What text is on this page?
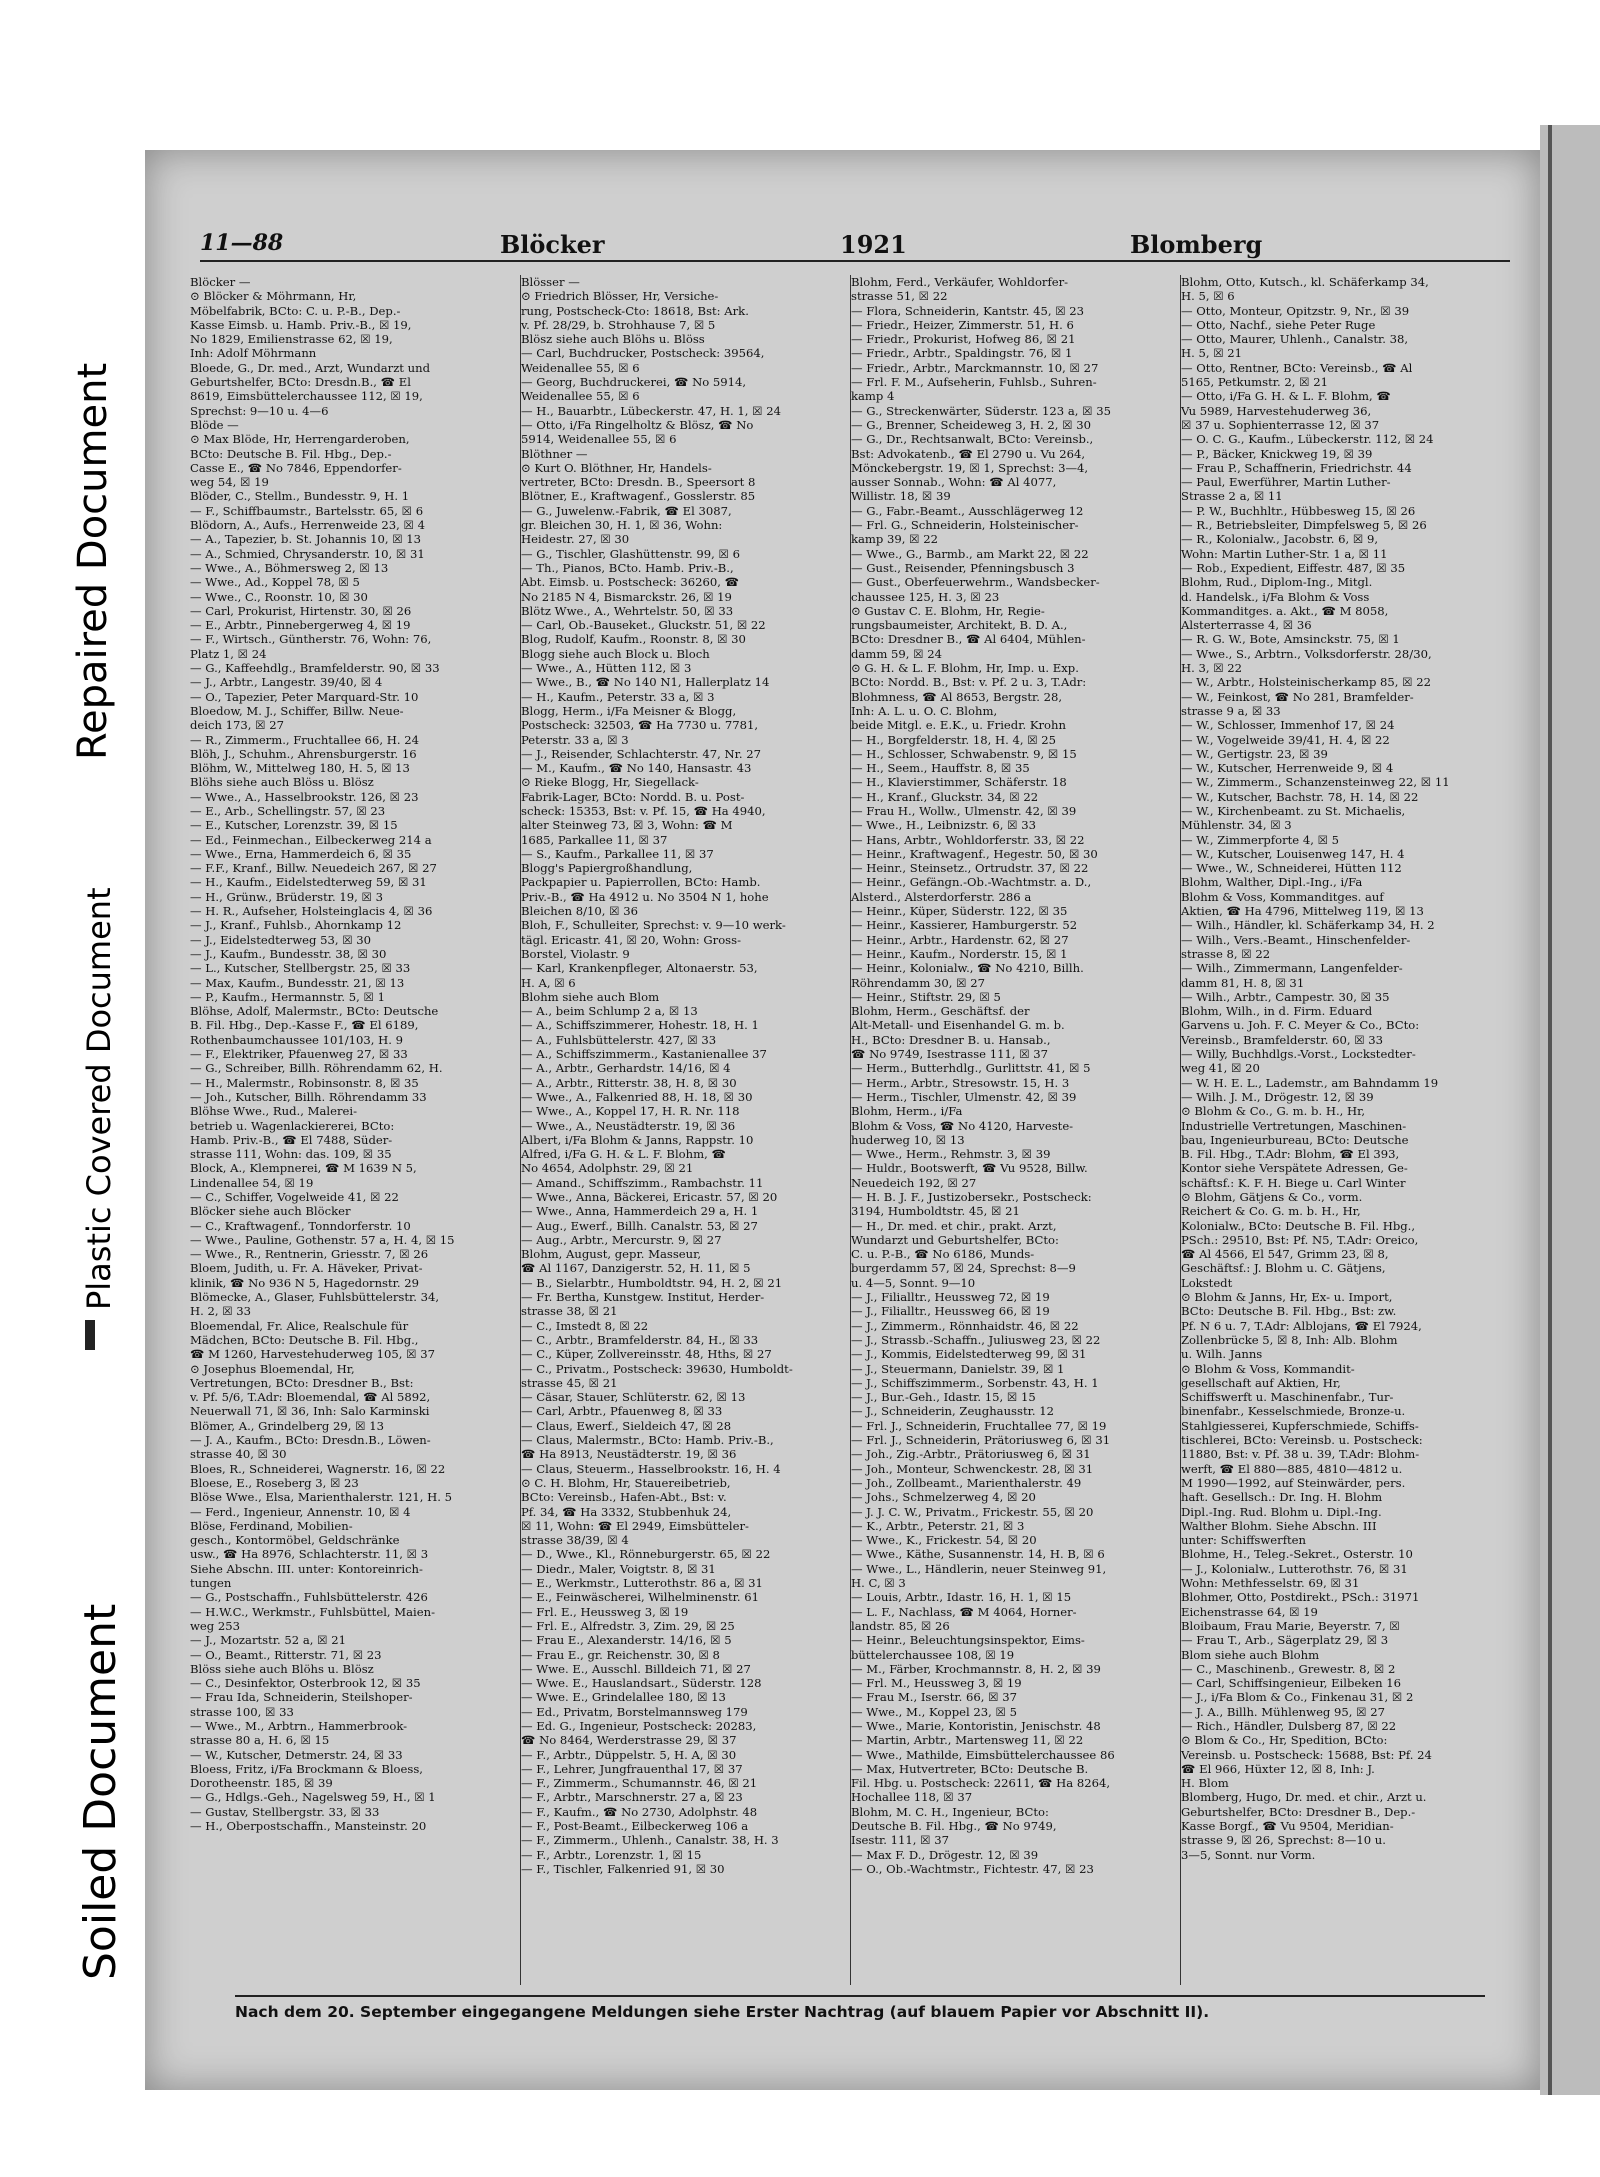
Repaired Document
Plastic Covered Document
Soiled Document
11—88	Blöcker	1921	Blomberg

Blöcker —

⊙ Blöcker & Möhrmann, Hr,

Möbelfabrik, BCto: C. u. P.-B., Dep.-

Kasse Eimsb. u. Hamb. Priv.-B., ☒ 19,

No 1829, Emilienstrasse 62, ☒ 19,

Inh: Adolf Möhrmann

Bloede, G., Dr. med., Arzt, Wundarzt und

Geburtshelfer, BCto: Dresdn.B., ☎ El

8619, Eimsbüttelerchaussee 112, ☒ 19,

Sprechst: 9—10 u. 4—6

Blöde —

⊙ Max Blöde, Hr, Herrengarderoben,

BCto: Deutsche B. Fil. Hbg., Dep.-

Casse E., ☎ No 7846, Eppendorfer-

weg 54, ☒ 19

Blöder, C., Stellm., Bundesstr. 9, H. 1

— F., Schiffbaumstr., Bartelsstr. 65, ☒ 6

Blödorn, A., Aufs., Herrenweide 23, ☒ 4

— A., Tapezier, b. St. Johannis 10, ☒ 13

— A., Schmied, Chrysanderstr. 10, ☒ 31

— Wwe., A., Böhmersweg 2, ☒ 13

— Wwe., Ad., Koppel 78, ☒ 5

— Wwe., C., Roonstr. 10, ☒ 30

— Carl, Prokurist, Hirtenstr. 30, ☒ 26

— E., Arbtr., Pinnebergerweg 4, ☒ 19

— F., Wirtsch., Güntherstr. 76, Wohn: 76,

Platz 1, ☒ 24

— G., Kaffeehdlg., Bramfelderstr. 90, ☒ 33

— J., Arbtr., Langestr. 39/40, ☒ 4

— O., Tapezier, Peter Marquard-Str. 10

Bloedow, M. J., Schiffer, Billw. Neue-

deich 173, ☒ 27

— R., Zimmerm., Fruchtallee 66, H. 24

Blöh, J., Schuhm., Ahrensburgerstr. 16

Blöhm, W., Mittelweg 180, H. 5, ☒ 13

Blöhs siehe auch Blöss u. Blösz

— Wwe., A., Hasselbrookstr. 126, ☒ 23

— E., Arb., Schellingstr. 57, ☒ 23

— E., Kutscher, Lorenzstr. 39, ☒ 15

— Ed., Feinmechan., Eilbeckerweg 214 a

— Wwe., Erna, Hammerdeich 6, ☒ 35

— F.F., Kranf., Billw. Neuedeich 267, ☒ 27

— H., Kaufm., Eidelstedterweg 59, ☒ 31

— H., Grünw., Brüderstr. 19, ☒ 3

— H. R., Aufseher, Holsteinglacis 4, ☒ 36

— J., Kranf., Fuhlsb., Ahornkamp 12

— J., Eidelstedterweg 53, ☒ 30

— J., Kaufm., Bundesstr. 38, ☒ 30

— L., Kutscher, Stellbergstr. 25, ☒ 33

— Max, Kaufm., Bundesstr. 21, ☒ 13

— P., Kaufm., Hermannstr. 5, ☒ 1

Blöhse, Adolf, Malermstr., BCto: Deutsche

B. Fil. Hbg., Dep.-Kasse F., ☎ El 6189,

Rothenbaumchaussee 101/103, H. 9

— F., Elektriker, Pfauenweg 27, ☒ 33

— G., Schreiber, Billh. Röhrendamm 62, H.

— H., Malermstr., Robinsonstr. 8, ☒ 35

— Joh., Kutscher, Billh. Röhrendamm 33

Blöhse Wwe., Rud., Malerei-

betrieb u. Wagenlackiererei, BCto:

Hamb. Priv.-B., ☎ El 7488, Süder-

strasse 111, Wohn: das. 109, ☒ 35

Block, A., Klempnerei, ☎ M 1639 N 5,

Lindenallee 54, ☒ 19

— C., Schiffer, Vogelweide 41, ☒ 22

Blöcker siehe auch Blöcker

— C., Kraftwagenf., Tonndorferstr. 10

— Wwe., Pauline, Gothenstr. 57 a, H. 4, ☒ 15

— Wwe., R., Rentnerin, Griesstr. 7, ☒ 26

Bloem, Judith, u. Fr. A. Häveker, Privat-

klinik, ☎ No 936 N 5, Hagedornstr. 29

Blömecke, A., Glaser, Fuhlsbüttelerstr. 34,

H. 2, ☒ 33

Bloemendal, Fr. Alice, Realschule für

Mädchen, BCto: Deutsche B. Fil. Hbg.,

☎ M 1260, Harvestehuderweg 105, ☒ 37

⊙ Josephus Bloemendal, Hr,

Vertretungen, BCto: Dresdner B., Bst:

v. Pf. 5/6, T.Adr: Bloemendal, ☎ Al 5892,

Neuerwall 71, ☒ 36, Inh: Salo Karminski

Blömer, A., Grindelberg 29, ☒ 13

— J. A., Kaufm., BCto: Dresdn.B., Löwen-

strasse 40, ☒ 30

Bloes, R., Schneiderei, Wagnerstr. 16, ☒ 22

Bloese, E., Roseberg 3, ☒ 23

Blöse Wwe., Elsa, Marienthalerstr. 121, H. 5

— Ferd., Ingenieur, Annenstr. 10, ☒ 4

Blöse, Ferdinand, Mobilien-

gesch., Kontormöbel, Geldschränke

usw., ☎ Ha 8976, Schlachterstr. 11, ☒ 3

Siehe Abschn. III. unter: Kontoreinrich-

tungen

— G., Postschaffn., Fuhlsbüttelerstr. 426

— H.W.C., Werkmstr., Fuhlsbüttel, Maien-

weg 253

— J., Mozartstr. 52 a, ☒ 21

— O., Beamt., Ritterstr. 71, ☒ 23

Blöss siehe auch Blöhs u. Blösz

— C., Desinfektor, Osterbrook 12, ☒ 35

— Frau Ida, Schneiderin, Steilshoper-

strasse 100, ☒ 33

— Wwe., M., Arbtrn., Hammerbrook-

strasse 80 a, H. 6, ☒ 15

— W., Kutscher, Detmerstr. 24, ☒ 33

Bloess, Fritz, i/Fa Brockmann & Bloess,

Dorotheenstr. 185, ☒ 39

— G., Hdlgs.-Geh., Nagelsweg 59, H., ☒ 1

— Gustav, Stellbergstr. 33, ☒ 33

— H., Oberpostschaffn., Mansteinstr. 20

Blösser —

⊙ Friedrich Blösser, Hr, Versiche-

rung, Postscheck-Cto: 18618, Bst: Ark.

v. Pf. 28/29, b. Strohhause 7, ☒ 5

Blösz siehe auch Blöhs u. Blöss

— Carl, Buchdrucker, Postscheck: 39564,

Weidenallee 55, ☒ 6

— Georg, Buchdruckerei, ☎ No 5914,

Weidenallee 55, ☒ 6

— H., Bauarbtr., Lübeckerstr. 47, H. 1, ☒ 24

— Otto, i/Fa Ringelholtz & Blösz, ☎ No

5914, Weidenallee 55, ☒ 6

Blöthner —

⊙ Kurt O. Blöthner, Hr, Handels-

vertreter, BCto: Dresdn. B., Speersort 8

Blötner, E., Kraftwagenf., Gosslerstr. 85

— G., Juwelenw.-Fabrik, ☎ El 3087,

gr. Bleichen 30, H. 1, ☒ 36, Wohn:

Heidestr. 27, ☒ 30

— G., Tischler, Glashüttenstr. 99, ☒ 6

— Th., Pianos, BCto. Hamb. Priv.-B.,

Abt. Eimsb. u. Postscheck: 36260, ☎

No 2185 N 4, Bismarckstr. 26, ☒ 19

Blötz Wwe., A., Wehrtelstr. 50, ☒ 33

— Carl, Ob.-Bauseket., Gluckstr. 51, ☒ 22

Blog, Rudolf, Kaufm., Roonstr. 8, ☒ 30

Blogg siehe auch Block u. Bloch

— Wwe., A., Hütten 112, ☒ 3

— Wwe., B., ☎ No 140 N1, Hallerplatz 14

— H., Kaufm., Peterstr. 33 a, ☒ 3

Blogg, Herm., i/Fa Meisner & Blogg,

Postscheck: 32503, ☎ Ha 7730 u. 7781,

Peterstr. 33 a, ☒ 3

— J., Reisender, Schlachterstr. 47, Nr. 27

— M., Kaufm., ☎ No 140, Hansastr. 43

⊙ Rieke Blogg, Hr, Siegellack-

Fabrik-Lager, BCto: Nordd. B. u. Post-

scheck: 15353, Bst: v. Pf. 15, ☎ Ha 4940,

alter Steinweg 73, ☒ 3, Wohn: ☎ M

1685, Parkallee 11, ☒ 37

— S., Kaufm., Parkallee 11, ☒ 37

Blogg's Papiergroßhandlung,

Packpapier u. Papierrollen, BCto: Hamb.

Priv.-B., ☎ Ha 4912 u. No 3504 N 1, hohe

Bleichen 8/10, ☒ 36

Bloh, F., Schulleiter, Sprechst: v. 9—10 werk-

tägl. Ericastr. 41, ☒ 20, Wohn: Gross-

Borstel, Violastr. 9

— Karl, Krankenpfleger, Altonaerstr. 53,

H. A, ☒ 6

Blohm siehe auch Blom

— A., beim Schlump 2 a, ☒ 13

— A., Schiffszimmerer, Hohestr. 18, H. 1

— A., Fuhlsbüttelerstr. 427, ☒ 33

— A., Schiffszimmerm., Kastanienallee 37

— A., Arbtr., Gerhardstr. 14/16, ☒ 4

— A., Arbtr., Ritterstr. 38, H. 8, ☒ 30

— Wwe., A., Falkenried 88, H. 18, ☒ 30

— Wwe., A., Koppel 17, H. R. Nr. 118

— Wwe., A., Neustädterstr. 19, ☒ 36

Albert, i/Fa Blohm & Janns, Rappstr. 10

Alfred, i/Fa G. H. & L. F. Blohm, ☎

No 4654, Adolphstr. 29, ☒ 21

— Amand., Schiffszimm., Rambachstr. 11

— Wwe., Anna, Bäckerei, Ericastr. 57, ☒ 20

— Wwe., Anna, Hammerdeich 29 a, H. 1

— Aug., Ewerf., Billh. Canalstr. 53, ☒ 27

— Aug., Arbtr., Mercurstr. 9, ☒ 27

Blohm, August, gepr. Masseur,

☎ Al 1167, Danzigerstr. 52, H. 11, ☒ 5

— B., Sielarbtr., Humboldtstr. 94, H. 2, ☒ 21

— Fr. Bertha, Kunstgew. Institut, Herder-

strasse 38, ☒ 21

— C., Imstedt 8, ☒ 22

— C., Arbtr., Bramfelderstr. 84, H., ☒ 33

— C., Küper, Zollvereinsstr. 48, Hths, ☒ 27

— C., Privatm., Postscheck: 39630, Humboldt-

strasse 45, ☒ 21

— Cäsar, Stauer, Schlüterstr. 62, ☒ 13

— Carl, Arbtr., Pfauenweg 8, ☒ 33

— Claus, Ewerf., Sieldeich 47, ☒ 28

— Claus, Malermstr., BCto: Hamb. Priv.-B.,

☎ Ha 8913, Neustädterstr. 19, ☒ 36

— Claus, Steuerm., Hasselbrookstr. 16, H. 4

⊙ C. H. Blohm, Hr, Stauereibetrieb,

BCto: Vereinsb., Hafen-Abt., Bst: v.

Pf. 34, ☎ Ha 3332, Stubbenhuk 24,

☒ 11, Wohn: ☎ El 2949, Eimsbütteler-

strasse 38/39, ☒ 4

— D., Wwe., Kl., Rönneburgerstr. 65, ☒ 22

— Diedr., Maler, Voigtstr. 8, ☒ 31

— E., Werkmstr., Lutterothstr. 86 a, ☒ 31

— E., Feinwäscherei, Wilhelminenstr. 61

— Frl. E., Heussweg 3, ☒ 19

— Frl. E., Alfredstr. 3, Zim. 29, ☒ 25

— Frau E., Alexanderstr. 14/16, ☒ 5

— Frau E., gr. Reichenstr. 30, ☒ 8

— Wwe. E., Ausschl. Billdeich 71, ☒ 27

— Wwe. E., Hauslandsart., Süderstr. 128

— Wwe. E., Grindelallee 180, ☒ 13

— Ed., Privatm, Borstelmannsweg 179

— Ed. G., Ingenieur, Postscheck: 20283,

☎ No 8464, Werderstrasse 29, ☒ 37

— F., Arbtr., Düppelstr. 5, H. A, ☒ 30

— F., Lehrer, Jungfrauenthal 17, ☒ 37

— F., Zimmerm., Schumannstr. 46, ☒ 21

— F., Arbtr., Marschnerstr. 27 a, ☒ 23

— F., Kaufm., ☎ No 2730, Adolphstr. 48

— F., Post-Beamt., Eilbeckerweg 106 a

— F., Zimmerm., Uhlenh., Canalstr. 38, H. 3

— F., Arbtr., Lorenzstr. 1, ☒ 15

— F., Tischler, Falkenried 91, ☒ 30

Blohm, Ferd., Verkäufer, Wohldorfer-

strasse 51, ☒ 22

— Flora, Schneiderin, Kantstr. 45, ☒ 23

— Friedr., Heizer, Zimmerstr. 51, H. 6

— Friedr., Prokurist, Hofweg 86, ☒ 21

— Friedr., Arbtr., Spaldingstr. 76, ☒ 1

— Friedr., Arbtr., Marckmannstr. 10, ☒ 27

— Frl. F. M., Aufseherin, Fuhlsb., Suhren-

kamp 4

— G., Streckenwärter, Süderstr. 123 a, ☒ 35

— G., Brenner, Scheideweg 3, H. 2, ☒ 30

— G., Dr., Rechtsanwalt, BCto: Vereinsb.,

Bst: Advokatenb., ☎ El 2790 u. Vu 264,

Mönckebergstr. 19, ☒ 1, Sprechst: 3—4,

ausser Sonnab., Wohn: ☎ Al 4077,

Willistr. 18, ☒ 39

— G., Fabr.-Beamt., Ausschlägerweg 12

— Frl. G., Schneiderin, Holsteinischer-

kamp 39, ☒ 22

— Wwe., G., Barmb., am Markt 22, ☒ 22

— Gust., Reisender, Pfenningsbusch 3

— Gust., Oberfeuerwehrm., Wandsbecker-

chaussee 125, H. 3, ☒ 23

⊙ Gustav C. E. Blohm, Hr, Regie-

rungsbaumeister, Architekt, B. D. A.,

BCto: Dresdner B., ☎ Al 6404, Mühlen-

damm 59, ☒ 24

⊙ G. H. & L. F. Blohm, Hr, Imp. u. Exp.

BCto: Nordd. B., Bst: v. Pf. 2 u. 3, T.Adr:

Blohmness, ☎ Al 8653, Bergstr. 28,

Inh: A. L. u. O. C. Blohm,

beide Mitgl. e. E.K., u. Friedr. Krohn

— H., Borgfelderstr. 18, H. 4, ☒ 25

— H., Schlosser, Schwabenstr. 9, ☒ 15

— H., Seem., Hauffstr. 8, ☒ 35

— H., Klavierstimmer, Schäferstr. 18

— H., Kranf., Gluckstr. 34, ☒ 22

— Frau H., Wollw., Ulmenstr. 42, ☒ 39

— Wwe., H., Leibnizstr. 6, ☒ 33

— Hans, Arbtr., Wohldorferstr. 33, ☒ 22

— Heinr., Kraftwagenf., Hegestr. 50, ☒ 30

— Heinr., Steinsetz., Ortrudstr. 37, ☒ 22

— Heinr., Gefängn.-Ob.-Wachtmstr. a. D.,

Alsterd., Alsterdorferstr. 286 a

— Heinr., Küper, Süderstr. 122, ☒ 35

— Heinr., Kassierer, Hamburgerstr. 52

— Heinr., Arbtr., Hardenstr. 62, ☒ 27

— Heinr., Kaufm., Norderstr. 15, ☒ 1

— Heinr., Kolonialw., ☎ No 4210, Billh.

Röhrendamm 30, ☒ 27

— Heinr., Stiftstr. 29, ☒ 5

Blohm, Herm., Geschäftsf. der

Alt-Metall- und Eisenhandel G. m. b.

H., BCto: Dresdner B. u. Hansab.,

☎ No 9749, Isestrasse 111, ☒ 37

— Herm., Butterhdlg., Gurlittstr. 41, ☒ 5

— Herm., Arbtr., Stresowstr. 15, H. 3

— Herm., Tischler, Ulmenstr. 42, ☒ 39

Blohm, Herm., i/Fa

Blohm & Voss, ☎ No 4120, Harveste-

huderweg 10, ☒ 13

— Wwe., Herm., Rehmstr. 3, ☒ 39

— Huldr., Bootswerft, ☎ Vu 9528, Billw.

Neuedeich 192, ☒ 27

— H. B. J. F., Justizobersekr., Postscheck:

3194, Humboldtstr. 45, ☒ 21

— H., Dr. med. et chir., prakt. Arzt,

Wundarzt und Geburtshelfer, BCto:

C. u. P.-B., ☎ No 6186, Munds-

burgerdamm 57, ☒ 24, Sprechst: 8—9

u. 4—5, Sonnt. 9—10

— J., Filialltr., Heussweg 72, ☒ 19

— J., Filialltr., Heussweg 66, ☒ 19

— J., Zimmerm., Rönnhaidstr. 46, ☒ 22

— J., Strassb.-Schaffn., Juliusweg 23, ☒ 22

— J., Kommis, Eidelstedterweg 99, ☒ 31

— J., Steuermann, Danielstr. 39, ☒ 1

— J., Schiffszimmerm., Sorbenstr. 43, H. 1

— J., Bur.-Geh., Idastr. 15, ☒ 15

— J., Schneiderin, Zeughausstr. 12

— Frl. J., Schneiderin, Fruchtallee 77, ☒ 19

— Frl. J., Schneiderin, Prätoriusweg 6, ☒ 31

— Joh., Zig.-Arbtr., Prätoriusweg 6, ☒ 31

— Joh., Monteur, Schwenckestr. 28, ☒ 31

— Joh., Zollbeamt., Marienthalerstr. 49

— Johs., Schmelzerweg 4, ☒ 20

— J. J. C. W., Privatm., Frickestr. 55, ☒ 20

— K., Arbtr., Peterstr. 21, ☒ 3

— Wwe., K., Frickestr. 54, ☒ 20

— Wwe., Käthe, Susannenstr. 14, H. B, ☒ 6

— Wwe., L., Händlerin, neuer Steinweg 91,

H. C, ☒ 3

— Louis, Arbtr., Idastr. 16, H. 1, ☒ 15

— L. F., Nachlass, ☎ M 4064, Horner-

landstr. 85, ☒ 26

— Heinr., Beleuchtungsinspektor, Eims-

büttelerchaussee 108, ☒ 19

— M., Färber, Krochmannstr. 8, H. 2, ☒ 39

— Frl. M., Heussweg 3, ☒ 19

— Frau M., Iserstr. 66, ☒ 37

— Wwe., M., Koppel 23, ☒ 5

— Wwe., Marie, Kontoristin, Jenischstr. 48

— Martin, Arbtr., Martensweg 11, ☒ 22

— Wwe., Mathilde, Eimsbüttelerchaussee 86

— Max, Hutvertreter, BCto: Deutsche B.

Fil. Hbg. u. Postscheck: 22611, ☎ Ha 8264,

Hochallee 118, ☒ 37

Blohm, M. C. H., Ingenieur, BCto:

Deutsche B. Fil. Hbg., ☎ No 9749,

Isestr. 111, ☒ 37

— Max F. D., Drögestr. 12, ☒ 39

— O., Ob.-Wachtmstr., Fichtestr. 47, ☒ 23

Blohm, Otto, Kutsch., kl. Schäferkamp 34,

H. 5, ☒ 6

— Otto, Monteur, Opitzstr. 9, Nr., ☒ 39

— Otto, Nachf., siehe Peter Ruge

— Otto, Maurer, Uhlenh., Canalstr. 38,

H. 5, ☒ 21

— Otto, Rentner, BCto: Vereinsb., ☎ Al

5165, Petkumstr. 2, ☒ 21

— Otto, i/Fa G. H. & L. F. Blohm, ☎

Vu 5989, Harvestehuderweg 36,

☒ 37 u. Sophienterrasse 12, ☒ 37

— O. C. G., Kaufm., Lübeckerstr. 112, ☒ 24

— P., Bäcker, Knickweg 19, ☒ 39

— Frau P., Schaffnerin, Friedrichstr. 44

— Paul, Ewerführer, Martin Luther-

Strasse 2 a, ☒ 11

— P. W., Buchhltr., Hübbesweg 15, ☒ 26

— R., Betriebsleiter, Dimpfelsweg 5, ☒ 26

— R., Kolonialw., Jacobstr. 6, ☒ 9,

Wohn: Martin Luther-Str. 1 a, ☒ 11

— Rob., Expedient, Eiffestr. 487, ☒ 35

Blohm, Rud., Diplom-Ing., Mitgl.

d. Handelsk., i/Fa Blohm & Voss

Kommanditges. a. Akt., ☎ M 8058,

Alsterterrasse 4, ☒ 36

— R. G. W., Bote, Amsinckstr. 75, ☒ 1

— Wwe., S., Arbtrn., Volksdorferstr. 28/30,

H. 3, ☒ 22

— W., Arbtr., Holsteinischerkamp 85, ☒ 22

— W., Feinkost, ☎ No 281, Bramfelder-

strasse 9 a, ☒ 33

— W., Schlosser, Immenhof 17, ☒ 24

— W., Vogelweide 39/41, H. 4, ☒ 22

— W., Gertigstr. 23, ☒ 39

— W., Kutscher, Herrenweide 9, ☒ 4

— W., Zimmerm., Schanzensteinweg 22, ☒ 11

— W., Kutscher, Bachstr. 78, H. 14, ☒ 22

— W., Kirchenbeamt. zu St. Michaelis,

Mühlenstr. 34, ☒ 3

— W., Zimmerpforte 4, ☒ 5

— W., Kutscher, Louisenweg 147, H. 4

— Wwe., W., Schneiderei, Hütten 112

Blohm, Walther, Dipl.-Ing., i/Fa

Blohm & Voss, Kommanditges. auf

Aktien, ☎ Ha 4796, Mittelweg 119, ☒ 13

— Wilh., Händler, kl. Schäferkamp 34, H. 2

— Wilh., Vers.-Beamt., Hinschenfelder-

strasse 8, ☒ 22

— Wilh., Zimmermann, Langenfelder-

damm 81, H. 8, ☒ 31

— Wilh., Arbtr., Campestr. 30, ☒ 35

Blohm, Wilh., in d. Firm. Eduard

Garvens u. Joh. F. C. Meyer & Co., BCto:

Vereinsb., Bramfelderstr. 60, ☒ 33

— Willy, Buchhdlgs.-Vorst., Lockstedter-

weg 41, ☒ 20

— W. H. E. L., Lademstr., am Bahndamm 19

— Wilh. J. M., Drögestr. 12, ☒ 39

⊙ Blohm & Co., G. m. b. H., Hr,

Industrielle Vertretungen, Maschinen-

bau, Ingenieurbureau, BCto: Deutsche

B. Fil. Hbg., T.Adr: Blohm, ☎ El 393,

Kontor siehe Verspätete Adressen, Ge-

schäftsf.: K. F. H. Biege u. Carl Winter

⊙ Blohm, Gätjens & Co., vorm.

Reichert & Co. G. m. b. H., Hr,

Kolonialw., BCto: Deutsche B. Fil. Hbg.,

PSch.: 29510, Bst: Pf. N5, T.Adr: Oreico,

☎ Al 4566, El 547, Grimm 23, ☒ 8,

Geschäftsf.: J. Blohm u. C. Gätjens,

Lokstedt

⊙ Blohm & Janns, Hr, Ex- u. Import,

BCto: Deutsche B. Fil. Hbg., Bst: zw.

Pf. N 6 u. 7, T.Adr: Alblojans, ☎ El 7924,

Zollenbrücke 5, ☒ 8, Inh: Alb. Blohm

u. Wilh. Janns

⊙ Blohm & Voss, Kommandit-

gesellschaft auf Aktien, Hr,

Schiffswerft u. Maschinenfabr., Tur-

binenfabr., Kesselschmiede, Bronze-u.

Stahlgiesserei, Kupferschmiede, Schiffs-

tischlerei, BCto: Vereinsb. u. Postscheck:

11880, Bst: v. Pf. 38 u. 39, T.Adr: Blohm-

werft, ☎ El 880—885, 4810—4812 u.

M 1990—1992, auf Steinwärder, pers.

haft. Gesellsch.: Dr. Ing. H. Blohm

Dipl.-Ing. Rud. Blohm u. Dipl.-Ing.

Walther Blohm. Siehe Abschn. III

unter: Schiffswerften

Blohme, H., Teleg.-Sekret., Osterstr. 10

— J., Kolonialw., Lutterothstr. 76, ☒ 31

Wohn: Methfesselstr. 69, ☒ 31

Blohmer, Otto, Postdirekt., PSch.: 31971

Eichenstrasse 64, ☒ 19

Bloibaum, Frau Marie, Beyerstr. 7, ☒

— Frau T., Arb., Sägerplatz 29, ☒ 3

Blom siehe auch Blohm

— C., Maschinenb., Grewestr. 8, ☒ 2

— Carl, Schiffsingenieur, Eilbeken 16

— J., i/Fa Blom & Co., Finkenau 31, ☒ 2

— J. A., Billh. Mühlenweg 95, ☒ 27

— Rich., Händler, Dulsberg 87, ☒ 22

⊙ Blom & Co., Hr, Spedition, BCto:

Vereinsb. u. Postscheck: 15688, Bst: Pf. 24

☎ El 966, Hüxter 12, ☒ 8, Inh: J.

H. Blom

Blomberg, Hugo, Dr. med. et chir., Arzt u.

Geburtshelfer, BCto: Dresdner B., Dep.-

Kasse Borgf., ☎ Vu 9504, Meridian-

strasse 9, ☒ 26, Sprechst: 8—10 u.

3—5, Sonnt. nur Vorm.

Nach dem 20. September eingegangene Meldungen siehe Erster Nachtrag (auf blauem Papier vor Abschnitt II).
